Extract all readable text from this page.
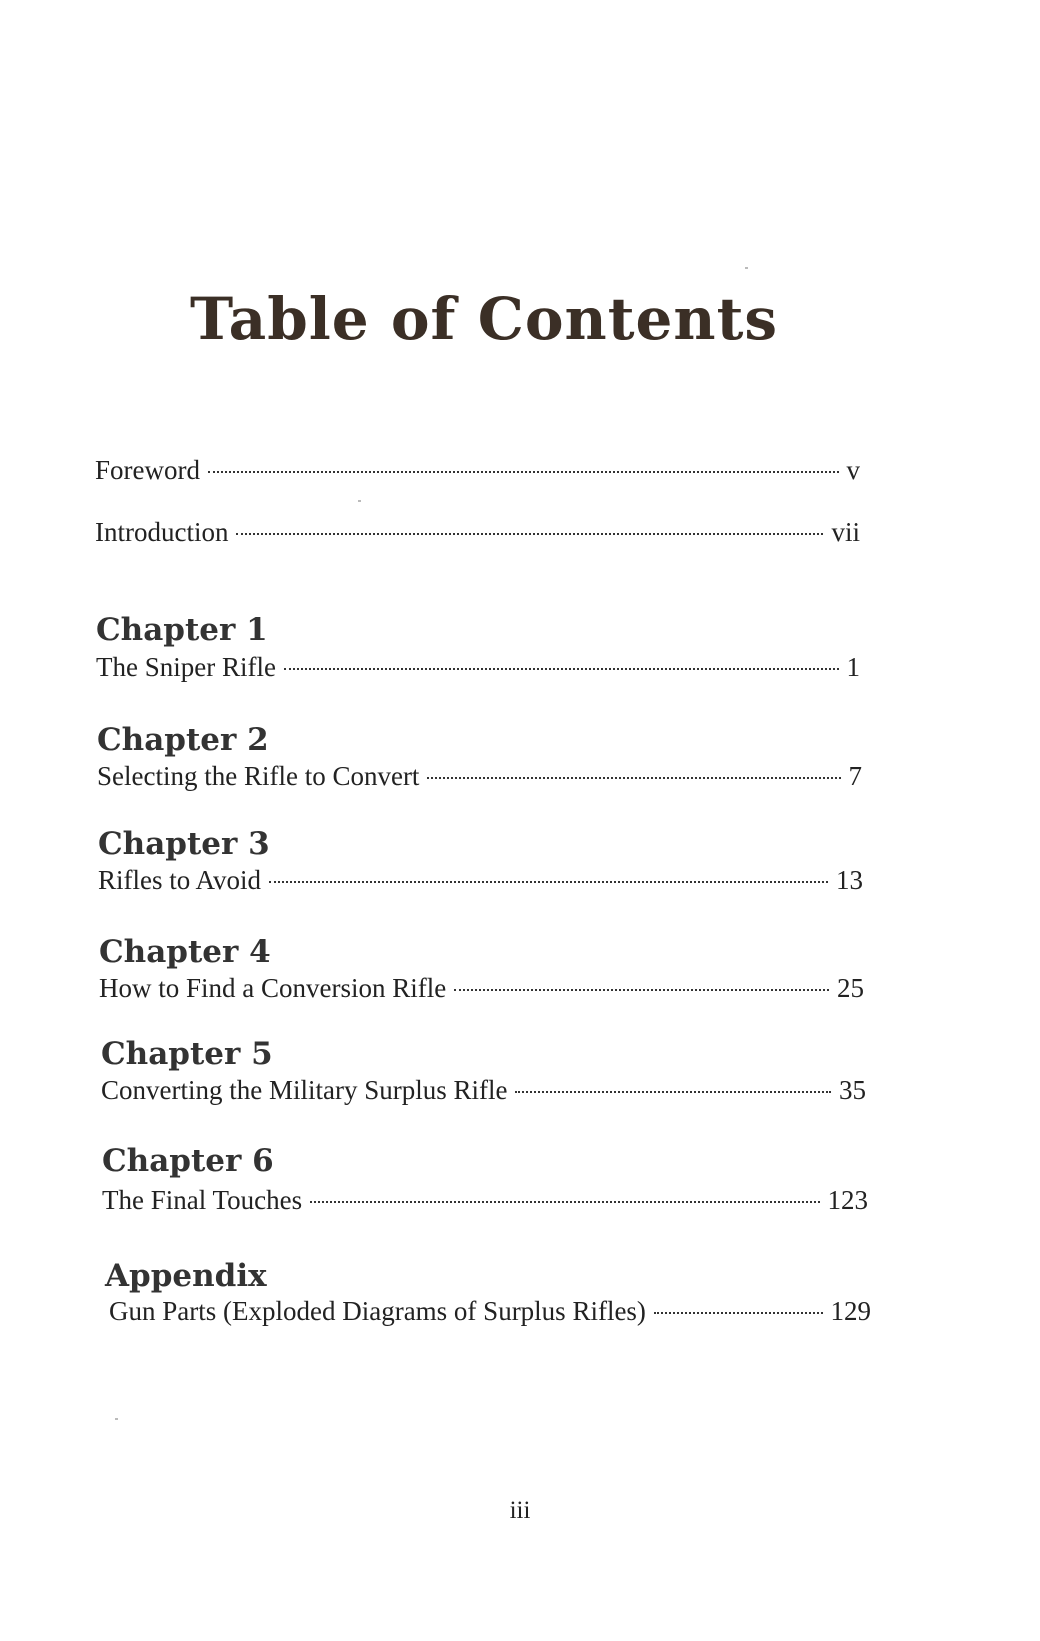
Table of Contents
Foreword	v
Introduction	vii
Chapter 1
The Sniper Rifle	1
Chapter 2
Selecting the Rifle to Convert	7
Chapter 3
Rifles to Avoid	13
Chapter 4
How to Find a Conversion Rifle	25
Chapter 5
Converting the Military Surplus Rifle	35
Chapter 6
The Final Touches	123
Appendix
Gun Parts (Exploded Diagrams of Surplus Rifles)	129
iii
